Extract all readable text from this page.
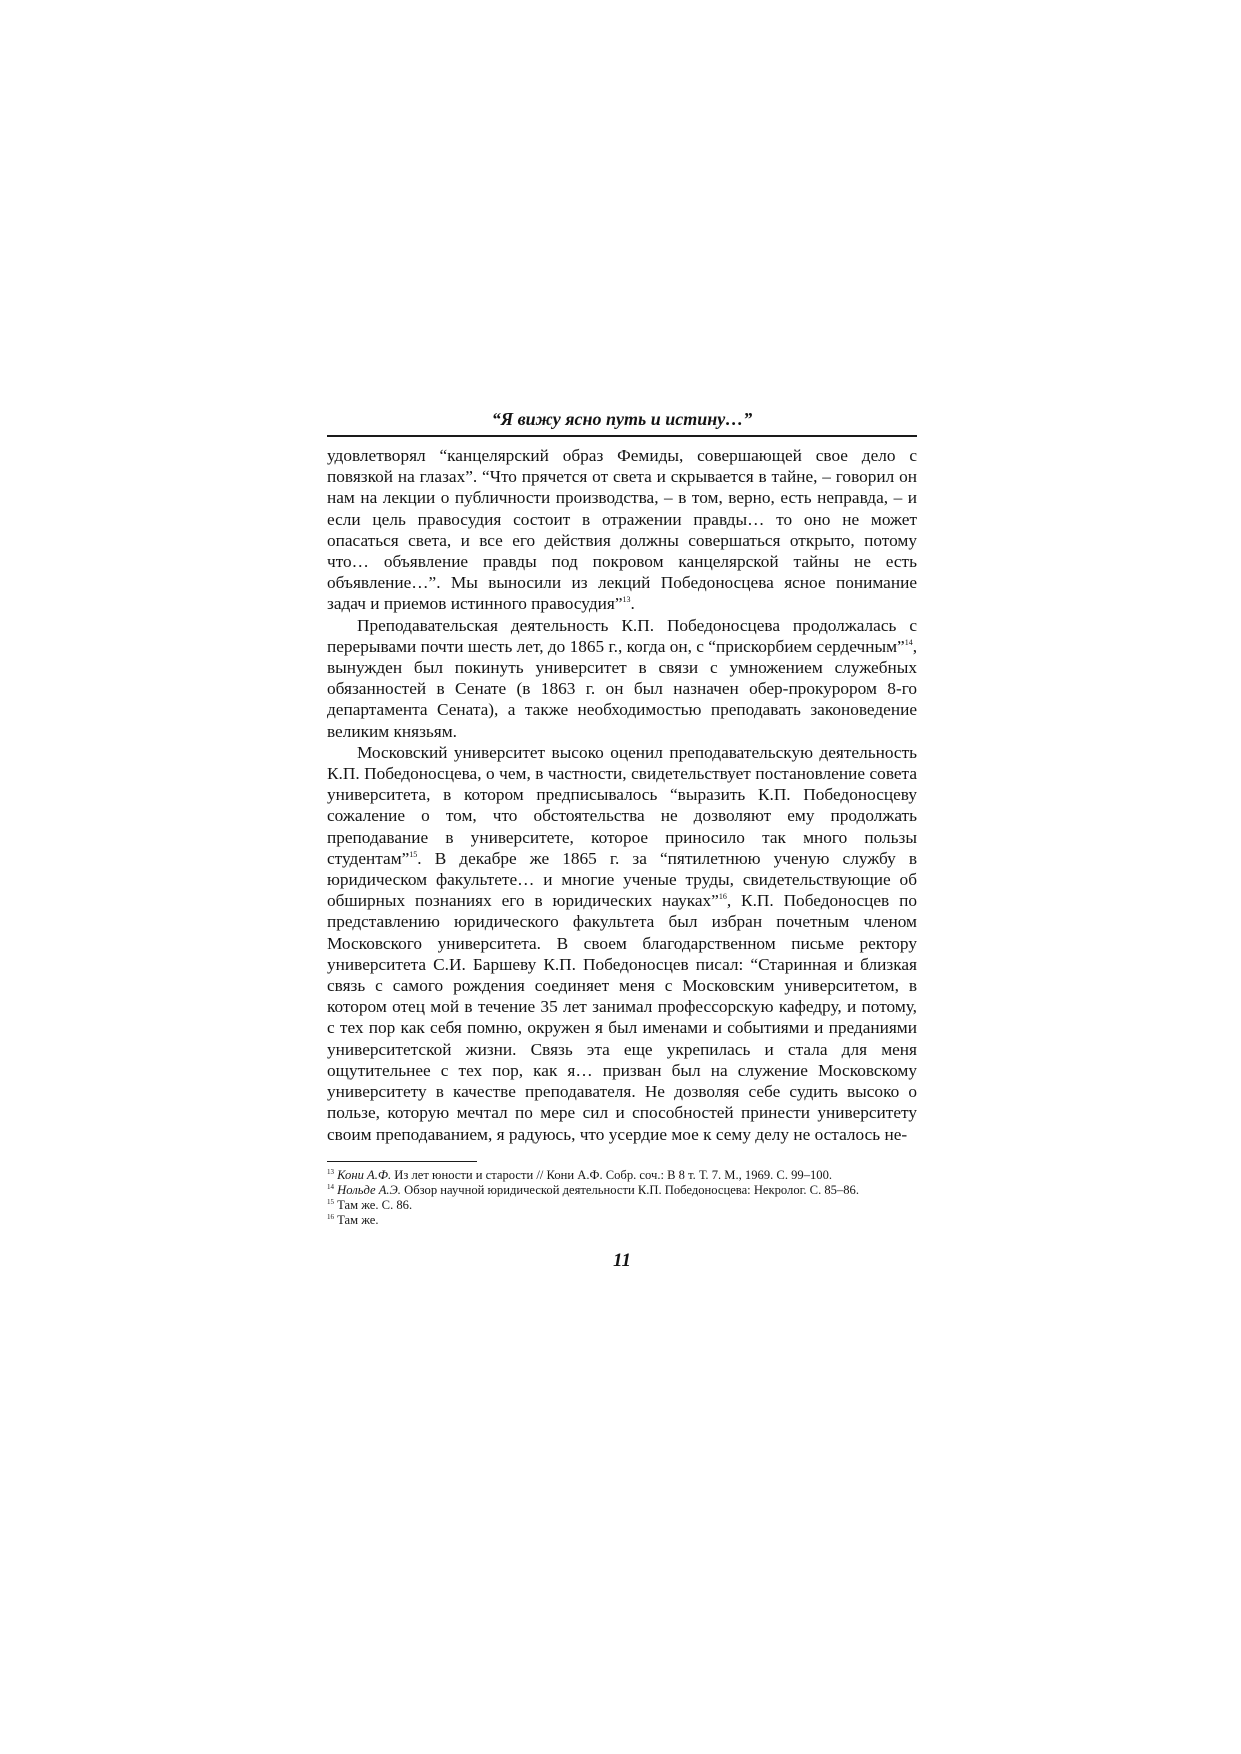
“Я вижу ясно путь и истину…”

удовлетворял “канцелярский образ Фемиды, совершающей свое дело с повязкой на глазах”. “Что прячется от света и скрывается в тайне, – говорил он нам на лекции о публичности производства, – в том, верно, есть неправда, – и если цель правосудия состоит в отражении правды… то оно не может опасаться света, и все его действия должны совершаться открыто, потому что… объявление правды под покровом канцелярской тайны не есть объявление…”. Мы выносили из лекций Победоносцева ясное понимание задач и приемов истинного правосудия”$^{13}$.

Преподавательская деятельность К.П. Победоносцева продолжалась с перерывами почти шесть лет, до 1865 г., когда он, с “прискорбием сердечным”$^{14}$, вынужден был покинуть университет в связи с умножением служебных обязанностей в Сенате (в 1863 г. он был назначен обер-прокурором 8-го департамента Сената), а также необходимостью преподавать законоведение великим князьям.

Московский университет высоко оценил преподавательскую деятельность К.П. Победоносцева, о чем, в частности, свидетельствует постановление совета университета, в котором предписывалось “выразить К.П. Победоносцеву сожаление о том, что обстоятельства не дозволяют ему продолжать преподавание в университете, которое приносило так много пользы студентам”$^{15}$. В декабре же 1865 г. за “пятилетнюю ученую службу в юридическом факультете… и многие ученые труды, свидетельствующие об обширных познаниях его в юридических науках”$^{16}$, К.П. Победоносцев по представлению юридического факультета был избран почетным членом Московского университета. В своем благодарственном письме ректору университета С.И. Баршеву К.П. Победоносцев писал: “Старинная и близкая связь с самого рождения соединяет меня с Московским университетом, в котором отец мой в течение 35 лет занимал профессорскую кафедру, и потому, с тех пор как себя помню, окружен я был именами и событиями и преданиями университетской жизни. Связь эта еще укрепилась и стала для меня ощутительнее с тех пор, как я… призван был на служение Московскому университету в качестве преподавателя. Не дозволяя себе судить высоко о пользе, которую мечтал по мере сил и способностей принести университету своим преподаванием, я радуюсь, что усердие мое к сему делу не осталось не-

$^{13}$ Кони А.Ф. Из лет юности и старости // Кони А.Ф. Собр. соч.: В 8 т. Т. 7. М., 1969. С. 99–100.

$^{14}$ Нольде А.Э. Обзор научной юридической деятельности К.П. Победоносцева: Некролог. С. 85–86.

$^{15}$ Там же. С. 86.

$^{16}$ Там же.

11
